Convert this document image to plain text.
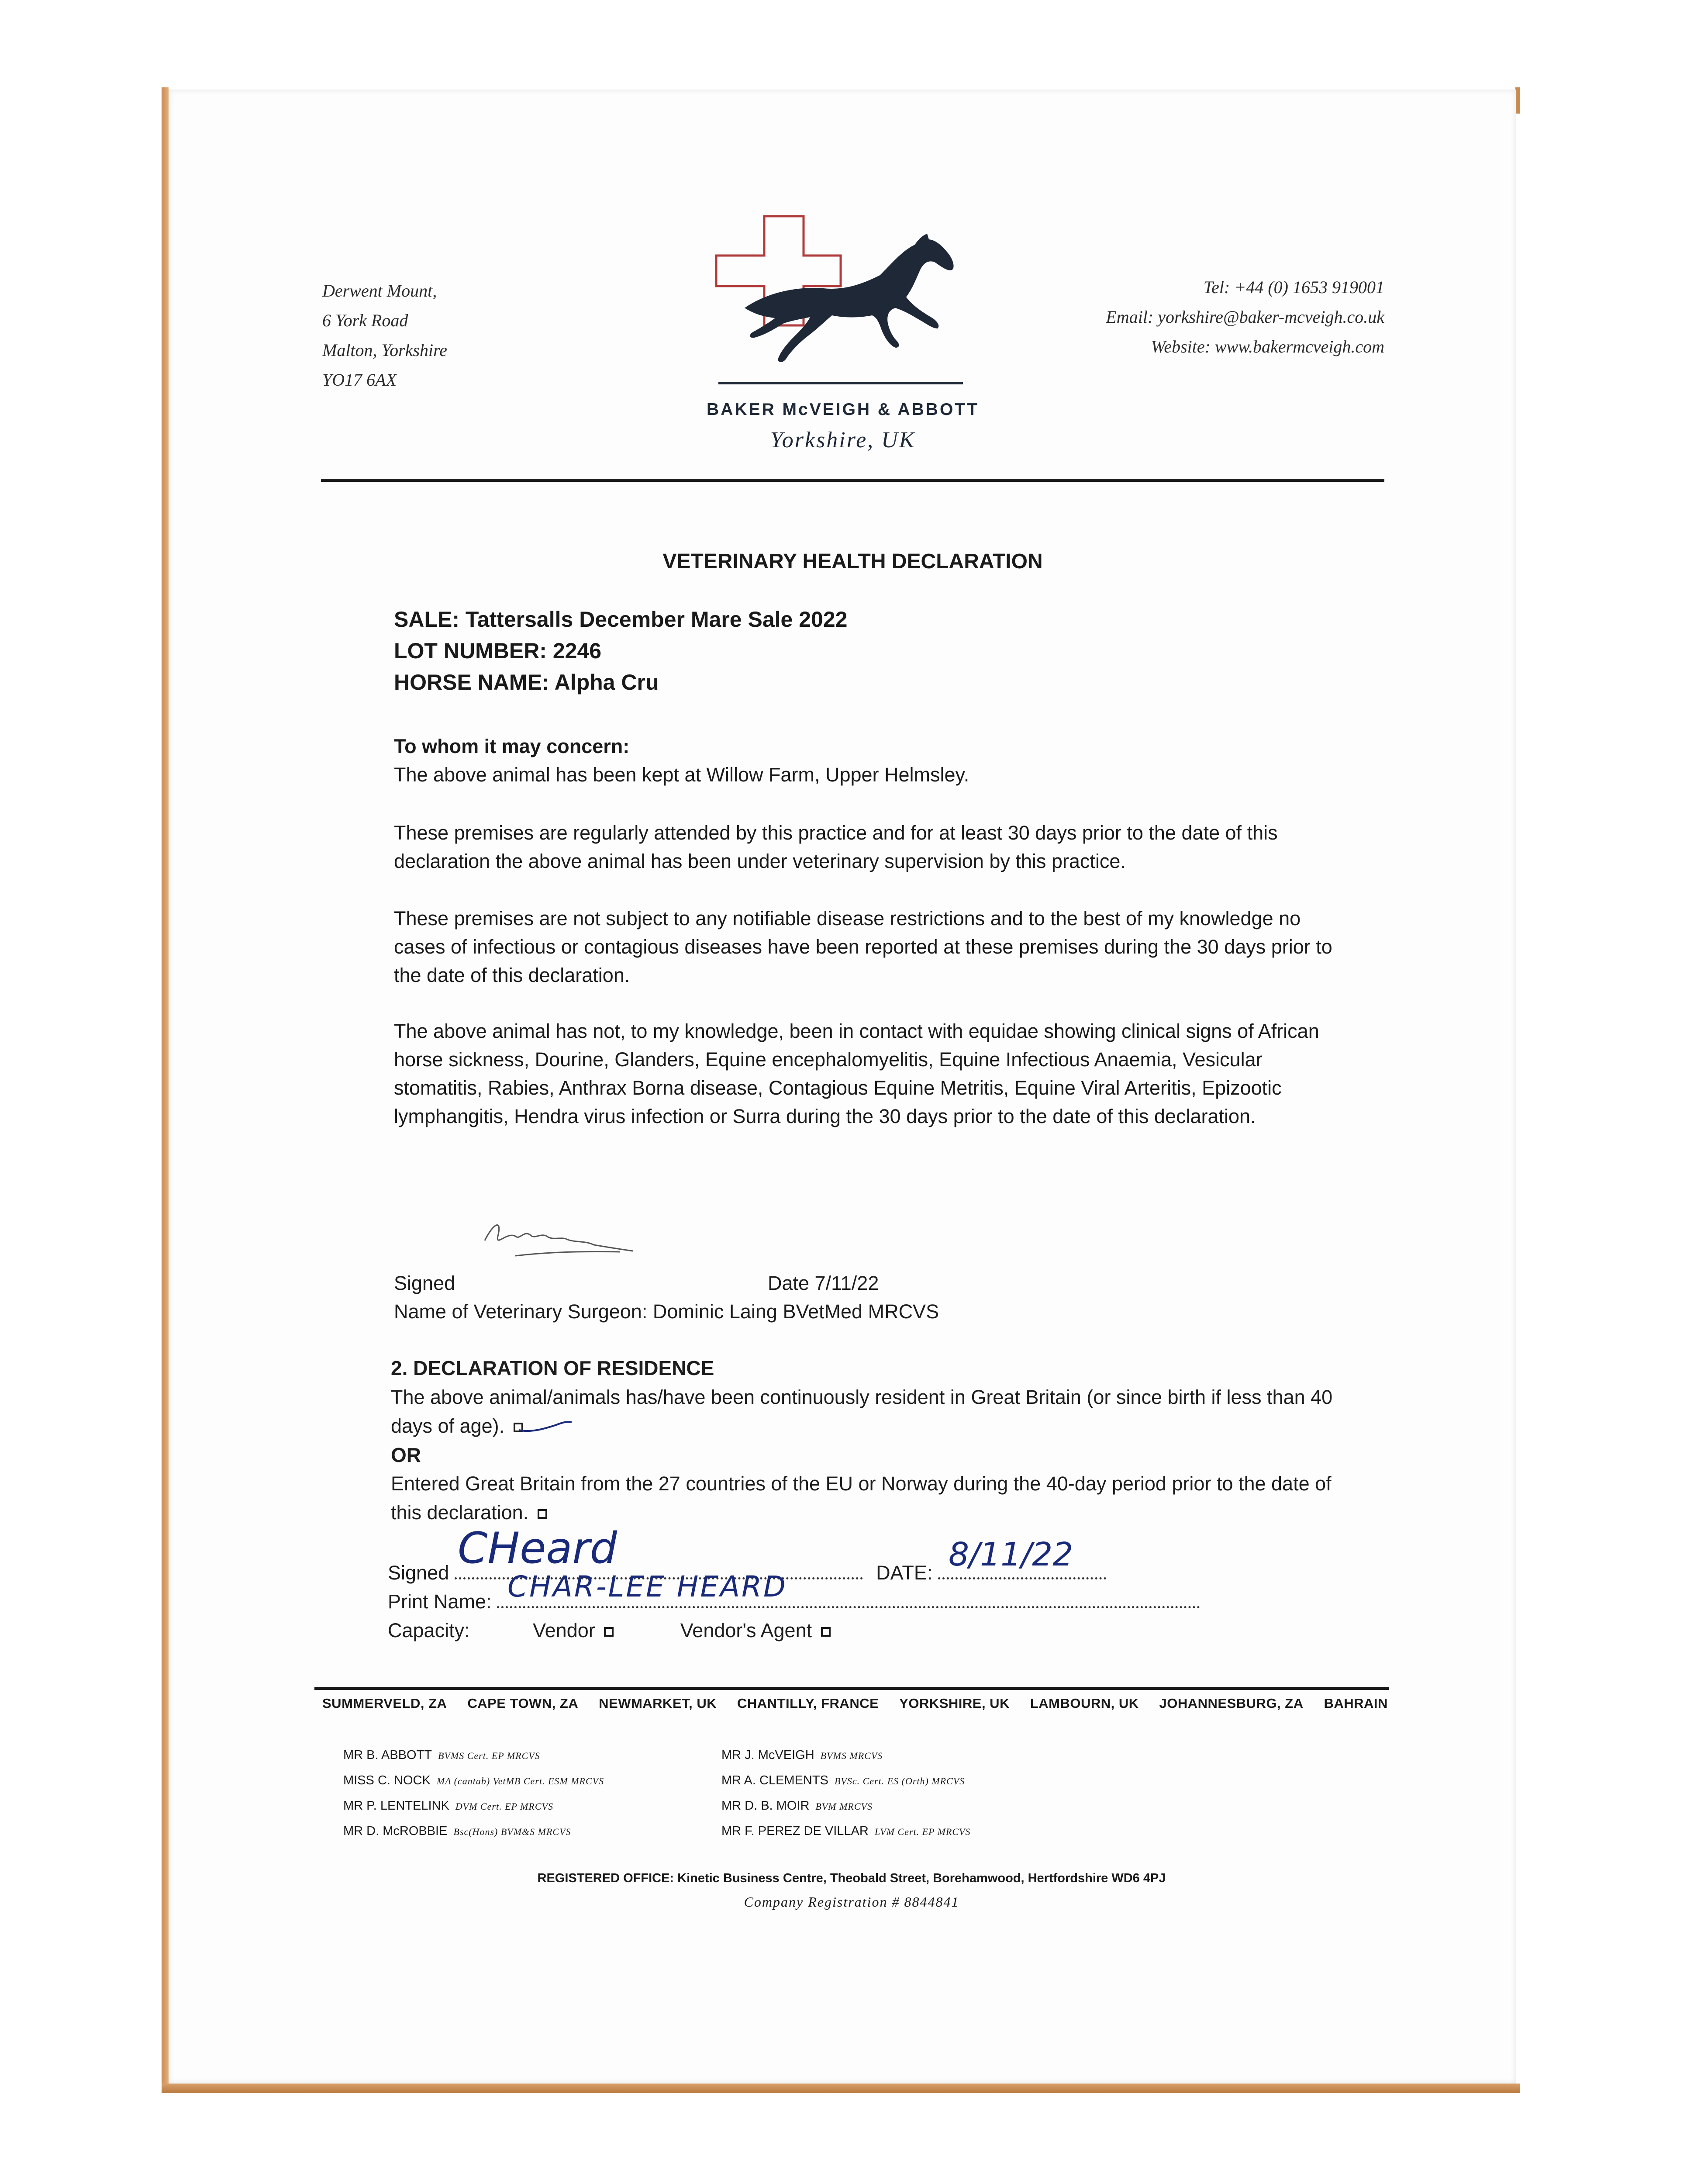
Derwent Mount,
6 York Road
Malton, Yorkshire
YO17 6AX
BAKER McVEIGH & ABBOTT
Yorkshire, UK
Tel: +44 (0) 1653 919001
Email: yorkshire@baker-mcveigh.co.uk
Website: www.bakermcveigh.com
VETERINARY HEALTH DECLARATION
SALE: Tattersalls December Mare Sale 2022
LOT NUMBER: 2246
HORSE NAME: Alpha Cru
To whom it may concern:
The above animal has been kept at Willow Farm, Upper Helmsley.
These premises are regularly attended by this practice and for at least 30 days prior to the date of this declaration the above animal has been under veterinary supervision by this practice.
These premises are not subject to any notifiable disease restrictions and to the best of my knowledge no cases of infectious or contagious diseases have been reported at these premises during the 30 days prior to the date of this declaration.
The above animal has not, to my knowledge, been in contact with equidae showing clinical signs of African horse sickness, Dourine, Glanders, Equine encephalomyelitis, Equine Infectious Anaemia, Vesicular stomatitis, Rabies, Anthrax Borna disease, Contagious Equine Metritis, Equine Viral Arteritis, Epizootic lymphangitis, Hendra virus infection or Surra during the 30 days prior to the date of this declaration.
Signed	Date 7/11/22
Name of Veterinary Surgeon: Dominic Laing BVetMed MRCVS
2. DECLARATION OF RESIDENCE
The above animal/animals has/have been continuously resident in Great Britain (or since birth if less than 40 days of age).
OR
Entered Great Britain from the 27 countries of the EU or Norway during the 40-day period prior to the date of this declaration.
Signed	DATE:
CHeard	8/11/22
Print Name: CHAR-LEE HEARD
Capacity:	Vendor	Vendor's Agent
SUMMERVELD, ZA CAPE TOWN, ZA NEWMARKET, UK CHANTILLY, FRANCE YORKSHIRE, UK LAMBOURN, UK JOHANNESBURG, ZA BAHRAIN
MR B. ABBOTT BVMS Cert. EP MRCVS
MISS C. NOCK MA (cantab) VetMB Cert. ESM MRCVS
MR P. LENTELINK DVM Cert. EP MRCVS
MR D. McROBBIE Bsc(Hons) BVM&S MRCVS
MR J. McVEIGH BVMS MRCVS
MR A. CLEMENTS BVSc. Cert. ES (Orth) MRCVS
MR D. B. MOIR BVM MRCVS
MR F. PEREZ DE VILLAR LVM Cert. EP MRCVS
REGISTERED OFFICE: Kinetic Business Centre, Theobald Street, Borehamwood, Hertfordshire WD6 4PJ
Company Registration # 8844841
